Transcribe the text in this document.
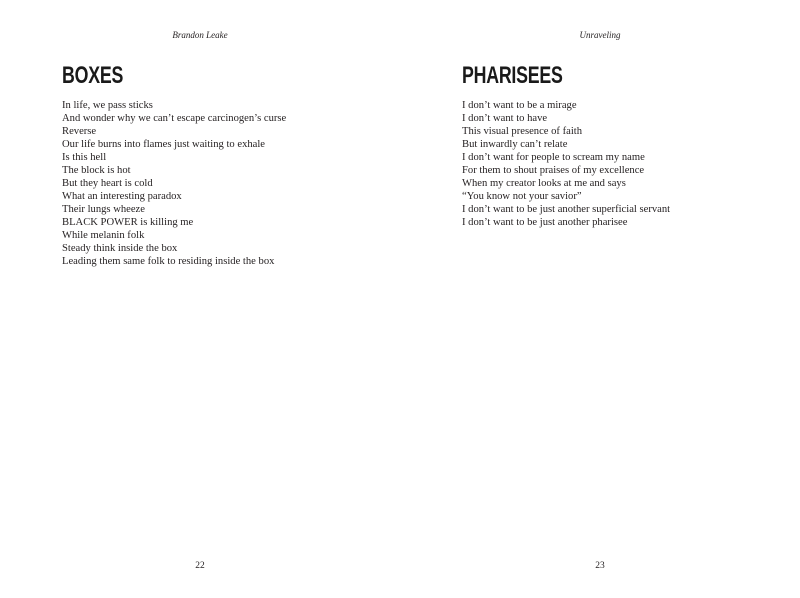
Brandon Leake
BOXES
In life, we pass sticks
And wonder why we can’t escape carcinogen’s curse
Reverse
Our life burns into flames just waiting to exhale
Is this hell
The block is hot
But they heart is cold
What an interesting paradox
Their lungs wheeze
BLACK POWER is killing me
While melanin folk
Steady think inside the box
Leading them same folk to residing inside the box
22
Unraveling
PHARISEES
I don’t want to be a mirage
I don’t want to have
This visual presence of faith
But inwardly can’t relate
I don’t want for people to scream my name
For them to shout praises of my excellence
When my creator looks at me and says
“You know not your savior”
I don’t want to be just another superficial servant
I don’t want to be just another pharisee
23
